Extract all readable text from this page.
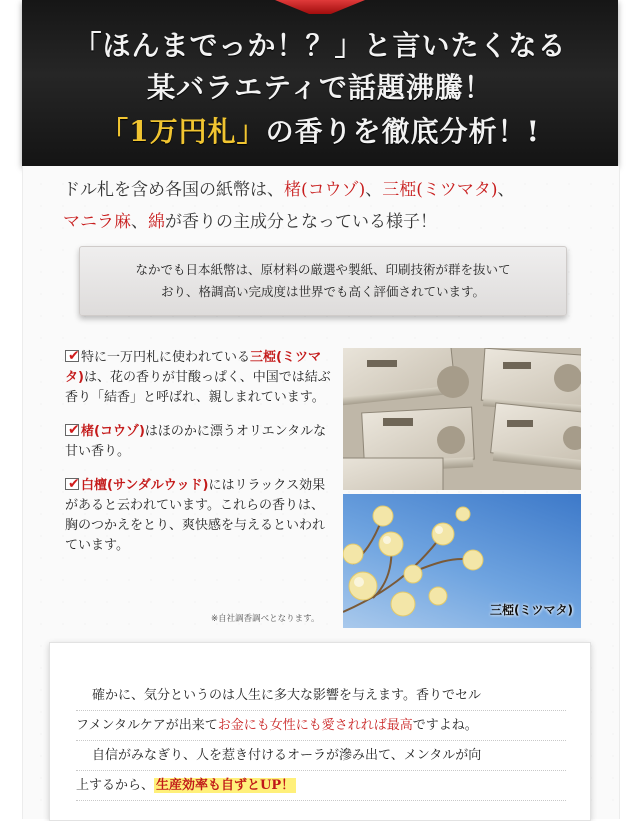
「ほんまでっか！？」と言いたくなる
某バラエティで話題沸騰！
「1万円札」の香りを徹底分析！!
ドル札を含め各国の紙幣は、楮(コウゾ)、三椏(ミツマタ)、
マニラ麻、綿が香りの主成分となっている様子！
なかでも日本紙幣は、原材料の厳選や製紙、印刷技術が群を抜いて
おり、格調高い完成度は世界でも高く評価されています。
✔特に一万円札に使われている三椏(ミツマタ)は、花の香りが甘酸っぱく、中国では結ぶ香り「結香」と呼ばれ、親しまれています。
✔楮(コウゾ)はほのかに漂うオリエンタルな甘い香り。
✔白檀(サンダルウッド)にはリラックス効果があると云われています。これらの香りは、胸のつかえをとり、爽快感を与えるといわれています。
※自社調香調べとなります。
三椏(ミツマタ)
確かに、気分というのは人生に多大な影響を与えます。香りでセル
フメンタルケアが出来てお金にも女性にも愛されれば最高ですよね。
自信がみなぎり、人を惹き付けるオーラが滲み出て、メンタルが向
上するから、 生産効率も自ずとUP！
